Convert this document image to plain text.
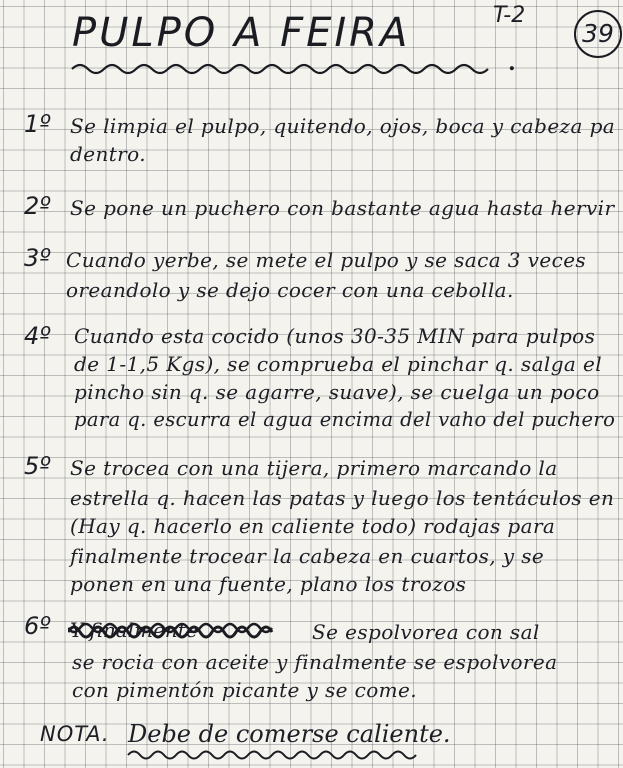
PULPO A FEIRA	T-2
.
39
1º Se limpia el pulpo, quitendo, ojos, boca y cabeza pa
dentro.
2º Se pone un puchero con bastante agua hasta hervir
3º Cuando yerbe, se mete el pulpo y se saca 3 veces
oreandolo y se dejo cocer con una cebolla.
4º Cuando esta cocido (unos 30-35 MIN para pulpos
de 1-1,5 Kgs), se comprueba el pinchar q. salga el
pincho sin q. se agarre, suave), se cuelga un poco
para q. escurra el agua encima del vaho del puchero
5º Se trocea con una tijera, primero marcando la
estrella q. hacen las patas y luego los tentáculos en
(Hay q. hacerlo en caliente todo) rodajas para
finalmente trocear la cabeza en cuartos, y se
ponen en una fuente, plano los trozos
6º Y finalmente	Se espolvorea con sal
se rocia con aceite y finalmente se espolvorea
con pimentón picante y se come.
NOTA. Debe de comerse caliente.
